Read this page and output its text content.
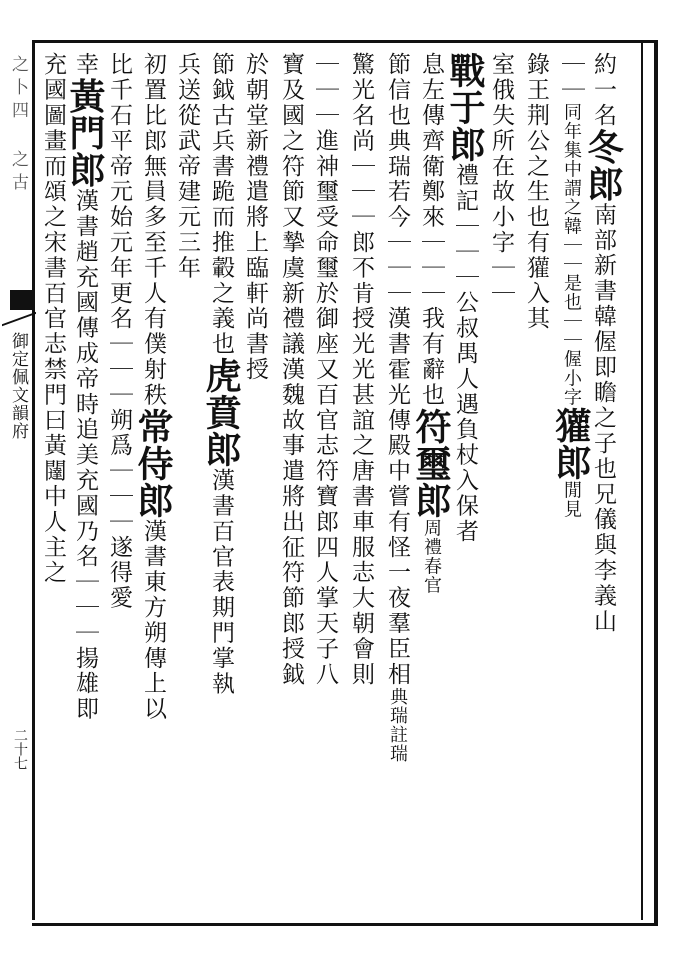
之卜四 之古
御定佩文韻府
二十七
約一名冬郎南部新書韓偓即瞻之子也兄儀與李義山
｜｜同年集中謂之韓｜｜是也｜｜偓小字獾郎閒見
錄王荆公之生也有獾入其
室俄失所在故小字｜｜
戰于郎禮記｜｜｜公叔禺人遇負杖入保者
息左傳齊衛鄭來｜｜｜我有辭也符璽郎周禮春官
節信也典瑞若今｜｜｜漢書霍光傳殿中嘗有怪一夜羣臣相典瑞註瑞
驚光名尚｜｜｜郎不肯授光光甚誼之唐書車服志大朝會則
｜｜｜進神璽受命璽於御座又百官志符寶郎四人掌天子八
寶及國之符節又摯虞新禮議漢魏故事遣將出征符節郎授鉞
於朝堂新禮遣將上臨軒尚書授
節鉞古兵書跪而推轂之義也虎賁郎漢書百官表期門掌執
兵送從武帝建元三年
初置比郎無員多至千人有僕射秩常侍郎漢書東方朔傳上以
比千石平帝元始元年更名｜｜｜朔爲｜｜｜遂得愛
幸黃門郎漢書趙充國傳成帝時追美充國乃名｜｜｜揚雄即
充國圖畫而頌之宋書百官志禁門曰黃闥中人主之
